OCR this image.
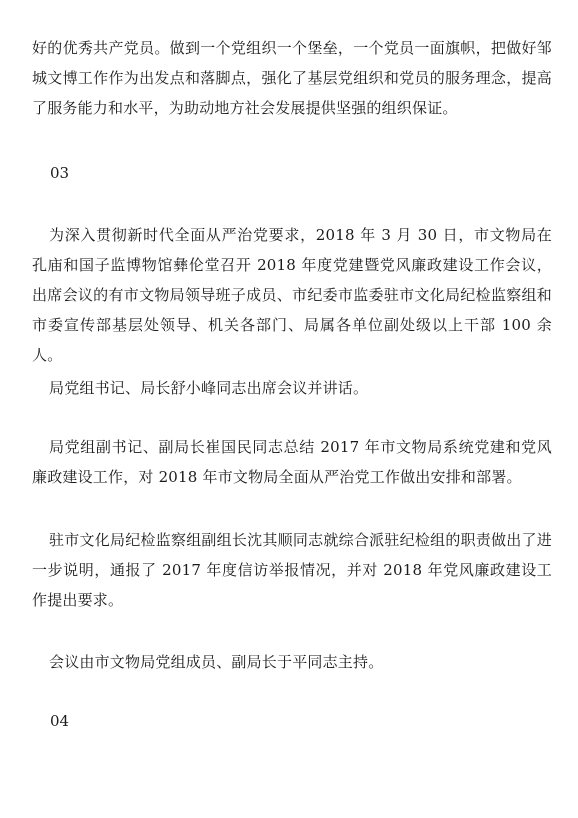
好的优秀共产党员。做到一个党组织一个堡垒，一个党员一面旗帜，把做好邹城文博工作作为出发点和落脚点，强化了基层党组织和党员的服务理念，提高了服务能力和水平，为助动地方社会发展提供坚强的组织保证。
03
为深入贯彻新时代全面从严治党要求，2018 年 3 月 30 日，市文物局在孔庙和国子监博物馆彝伦堂召开 2018 年度党建暨党风廉政建设工作会议，出席会议的有市文物局领导班子成员、市纪委市监委驻市文化局纪检监察组和市委宣传部基层处领导、机关各部门、局属各单位副处级以上干部 100 余人。
局党组书记、局长舒小峰同志出席会议并讲话。
局党组副书记、副局长崔国民同志总结 2017 年市文物局系统党建和党风廉政建设工作，对 2018 年市文物局全面从严治党工作做出安排和部署。
驻市文化局纪检监察组副组长沈其顺同志就综合派驻纪检组的职责做出了进一步说明，通报了 2017 年度信访举报情况，并对 2018 年党风廉政建设工作提出要求。
会议由市文物局党组成员、副局长于平同志主持。
04
